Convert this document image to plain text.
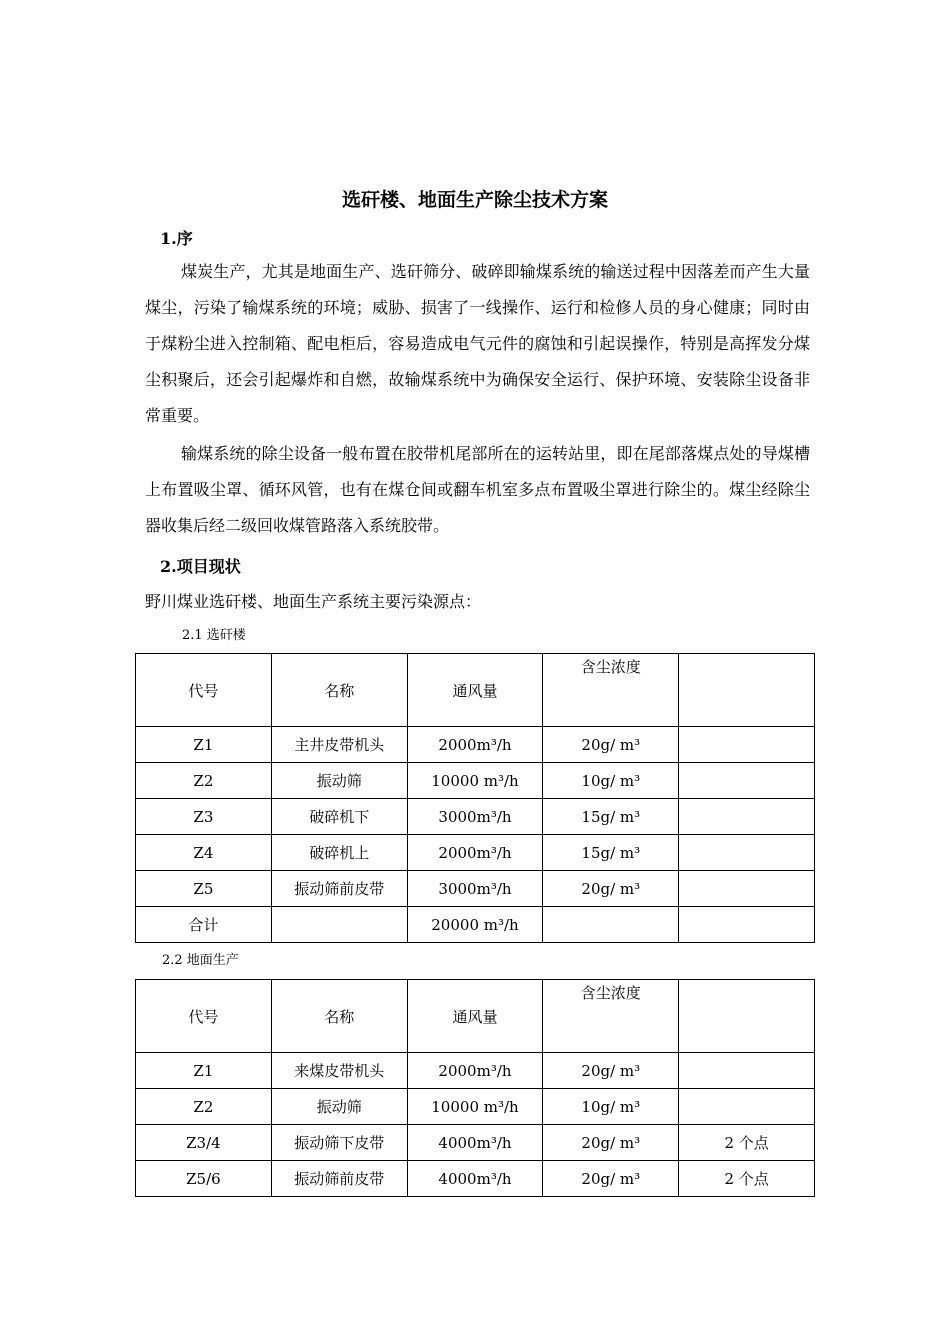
选矸楼、地面生产除尘技术方案
1.序

煤炭生产，尤其是地面生产、选矸筛分、破碎即输煤系统的输送过程中因落差而产生大量煤尘，污染了输煤系统的环境；威胁、损害了一线操作、运行和检修人员的身心健康；同时由于煤粉尘进入控制箱、配电柜后，容易造成电气元件的腐蚀和引起误操作，特别是高挥发分煤尘积聚后，还会引起爆炸和自燃，故输煤系统中为确保安全运行、保护环境、安装除尘设备非常重要。

输煤系统的除尘设备一般布置在胶带机尾部所在的运转站里，即在尾部落煤点处的导煤槽上布置吸尘罩、循环风管，也有在煤仓间或翻车机室多点布置吸尘罩进行除尘的。煤尘经除尘器收集后经二级回收煤管路落入系统胶带。

2.项目现状
野川煤业选矸楼、地面生产系统主要污染源点：
2.1 选矸楼
代号	名称	通风量	含尘浓度	
Z1	主井皮带机头	2000m³/h	20g/ m³	
Z2	振动筛	10000 m³/h	10g/ m³	
Z3	破碎机下	3000m³/h	15g/ m³	
Z4	破碎机上	2000m³/h	15g/ m³	
Z5	振动筛前皮带	3000m³/h	20g/ m³	
合计		20000 m³/h		
2.2 地面生产
代号	名称	通风量	含尘浓度	
Z1	来煤皮带机头	2000m³/h	20g/ m³	
Z2	振动筛	10000 m³/h	10g/ m³	
Z3/4	振动筛下皮带	4000m³/h	20g/ m³	2 个点
Z5/6	振动筛前皮带	4000m³/h	20g/ m³	2 个点
